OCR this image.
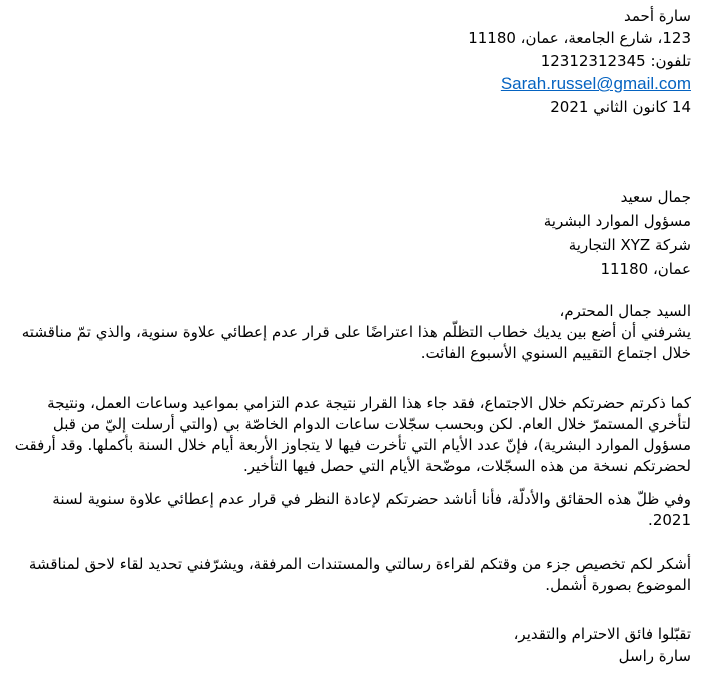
سارة أحمد
123، شارع الجامعة، عمان، 11180
تلفون: 12312312345
Sarah.russel@gmail.com
14 كانون الثاني 2021
جمال سعيد
مسؤول الموارد البشرية
شركة XYZ التجارية
عمان، 11180
السيد جمال المحترم،

يشرفني أن أضع بين يديك خطاب التظلّم هذا اعتراضًا على قرار عدم إعطائي علاوة سنوية، والذي تمّ مناقشته خلال اجتماع التقييم السنوي الأسبوع الفائت.

كما ذكرتم حضرتكم خلال الاجتماع، فقد جاء هذا القرار نتيجة عدم التزامي بمواعيد وساعات العمل، ونتيجة لتأخري المستمرّ خلال العام. لكن وبحسب سجّلات ساعات الدوام الخاصّة بي (والتي أرسلت إليّ من قبل مسؤول الموارد البشرية)، فإنّ عدد الأيام التي تأخرت فيها لا يتجاوز الأربعة أيام خلال السنة بأكملها. وقد أرفقت لحضرتكم نسخة من هذه السجّلات، موضّحة الأيام التي حصل فيها التأخير.

وفي ظلّ هذه الحقائق والأدلّة، فأنا أناشد حضرتكم لإعادة النظر في قرار عدم إعطائي علاوة سنوية لسنة 2021.

أشكر لكم تخصيص جزء من وقتكم لقراءة رسالتي والمستندات المرفقة، ويشرّفني تحديد لقاء لاحق لمناقشة الموضوع بصورة أشمل.

تقبّلوا فائق الاحترام والتقدير،
سارة راسل
